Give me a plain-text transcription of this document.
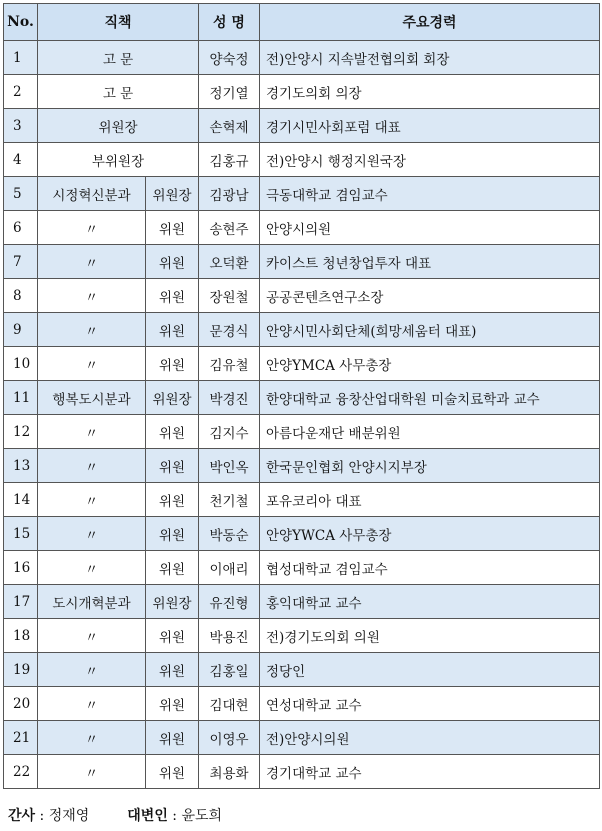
No.	직책		성 명	주요경력
1	고 문		양숙정	전)안양시 지속발전협의회 회장
2	고 문		정기열	경기도의회 의장
3	위원장		손혁제	경기시민사회포럼 대표
4	부위원장		김홍규	전)안양시 행정지원국장
5	시정혁신분과	위원장	김광남	극동대학교 겸임교수
6	〃	위원	송현주	안양시의원
7	〃	위원	오덕환	카이스트 청년창업투자 대표
8	〃	위원	장원철	공공콘텐츠연구소장
9	〃	위원	문경식	안양시민사회단체(희망세움터 대표)
10	〃	위원	김유철	안양YMCA 사무총장
11	행복도시분과	위원장	박경진	한양대학교 융창산업대학원 미술치료학과 교수
12	〃	위원	김지수	아름다운재단 배분위원
13	〃	위원	박인옥	한국문인협회 안양시지부장
14	〃	위원	천기철	포유코리아 대표
15	〃	위원	박동순	안양YWCA 사무총장
16	〃	위원	이애리	협성대학교 겸임교수
17	도시개혁분과	위원장	유진형	홍익대학교 교수
18	〃	위원	박용진	전)경기도의회 의원
19	〃	위원	김홍일	정당인
20	〃	위원	김대현	연성대학교 교수
21	〃	위원	이영우	전)안양시의원
22	〃	위원	최용화	경기대학교 교수
간사 : 정재영	대변인 : 윤도희
